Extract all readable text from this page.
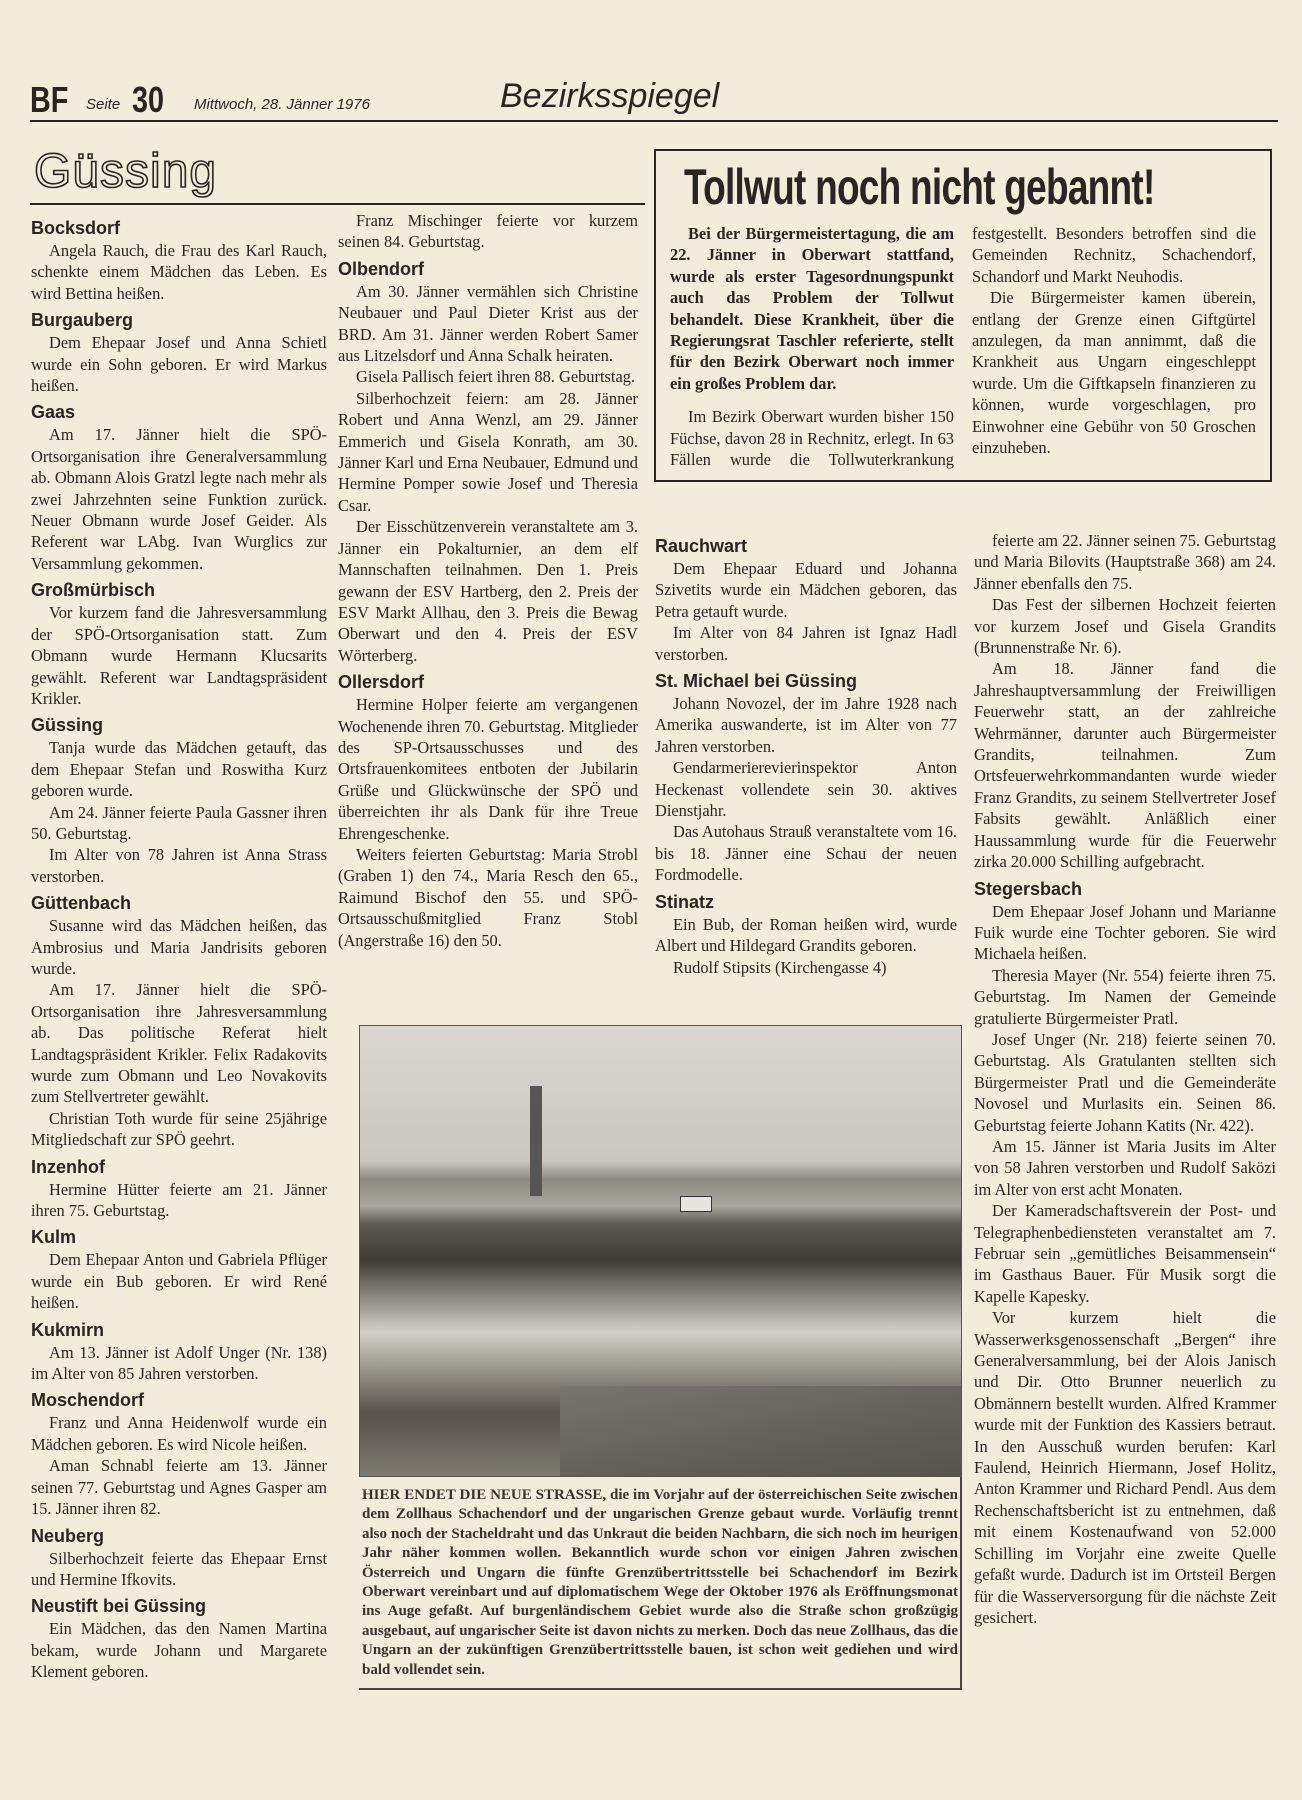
BF Seite 30 Mittwoch, 28. Jänner 1976	Bezirksspiegel
Güssing	Tollwut noch nicht gebannt!

Bei der Bürgermeistertagung, die am 22. Jänner in Oberwart stattfand, wurde als erster Tagesordnungspunkt auch das Problem der Tollwut behandelt. Diese Krankheit, über die Regierungsrat Taschler referierte, stellt für den Bezirk Oberwart noch immer ein großes Problem dar.

Im Bezirk Oberwart wurden bisher 150 Füchse, davon 28 in Rechnitz, erlegt. In 63 Fällen wurde die Tollwuterkrankung festgestellt. Besonders betroffen sind die Gemeinden Rechnitz, Schachendorf, Schandorf und Markt Neuhodis.

Die Bürgermeister kamen überein, entlang der Grenze einen Giftgürtel anzulegen, da man annimmt, daß die Krankheit aus Ungarn eingeschleppt wurde. Um die Giftkapseln finanzieren zu können, wurde vorgeschlagen, pro Einwohner eine Gebühr von 50 Groschen einzuheben.

Bocksdorf

Angela Rauch, die Frau des Karl Rauch, schenkte einem Mädchen das Leben. Es wird Bettina heißen.

Burgauberg

Dem Ehepaar Josef und Anna Schietl wurde ein Sohn geboren. Er wird Markus heißen.

Gaas

Am 17. Jänner hielt die SPÖ-Ortsorganisation ihre Generalversammlung ab. Obmann Alois Gratzl legte nach mehr als zwei Jahrzehnten seine Funktion zurück. Neuer Obmann wurde Josef Geider. Als Referent war LAbg. Ivan Wurglics zur Versammlung gekommen.

Großmürbisch

Vor kurzem fand die Jahresversammlung der SPÖ-Ortsorganisation statt. Zum Obmann wurde Hermann Klucsarits gewählt. Referent war Landtagspräsident Krikler.

Güssing

Tanja wurde das Mädchen getauft, das dem Ehepaar Stefan und Roswitha Kurz geboren wurde.

Am 24. Jänner feierte Paula Gassner ihren 50. Geburtstag.

Im Alter von 78 Jahren ist Anna Strass verstorben.

Güttenbach

Susanne wird das Mädchen heißen, das Ambrosius und Maria Jandrisits geboren wurde.

Am 17. Jänner hielt die SPÖ-Ortsorganisation ihre Jahresversammlung ab. Das politische Referat hielt Landtagspräsident Krikler. Felix Radakovits wurde zum Obmann und Leo Novakovits zum Stellvertreter gewählt.

Christian Toth wurde für seine 25jährige Mitgliedschaft zur SPÖ geehrt.

Inzenhof

Hermine Hütter feierte am 21. Jänner ihren 75. Geburtstag.

Kulm

Dem Ehepaar Anton und Gabriela Pflüger wurde ein Bub geboren. Er wird René heißen.

Kukmirn

Am 13. Jänner ist Adolf Unger (Nr. 138) im Alter von 85 Jahren verstorben.

Moschendorf

Franz und Anna Heidenwolf wurde ein Mädchen geboren. Es wird Nicole heißen.

Aman Schnabl feierte am 13. Jänner seinen 77. Geburtstag und Agnes Gasper am 15. Jänner ihren 82.

Neuberg

Silberhochzeit feierte das Ehepaar Ernst und Hermine Ifkovits.

Neustift bei Güssing

Ein Mädchen, das den Namen Martina bekam, wurde Johann und Margarete Klement geboren.

Franz Mischinger feierte vor kurzem seinen 84. Geburtstag.

Olbendorf

Am 30. Jänner vermählen sich Christine Neubauer und Paul Dieter Krist aus der BRD. Am 31. Jänner werden Robert Samer aus Litzelsdorf und Anna Schalk heiraten.

Gisela Pallisch feiert ihren 88. Geburtstag.

Silberhochzeit feiern: am 28. Jänner Robert und Anna Wenzl, am 29. Jänner Emmerich und Gisela Konrath, am 30. Jänner Karl und Erna Neubauer, Edmund und Hermine Pomper sowie Josef und Theresia Csar.

Der Eisschützenverein veranstaltete am 3. Jänner ein Pokalturnier, an dem elf Mannschaften teilnahmen. Den 1. Preis gewann der ESV Hartberg, den 2. Preis der ESV Markt Allhau, den 3. Preis die Bewag Oberwart und den 4. Preis der ESV Wörterberg.

Ollersdorf

Hermine Holper feierte am vergangenen Wochenende ihren 70. Geburtstag. Mitglieder des SP-Ortsausschusses und des Ortsfrauenkomitees entboten der Jubilarin Grüße und Glückwünsche der SPÖ und überreichten ihr als Dank für ihre Treue Ehrengeschenke.

Weiters feierten Geburtstag: Maria Strobl (Graben 1) den 74., Maria Resch den 65., Raimund Bischof den 55. und SPÖ-Ortsausschußmitglied Franz Stobl (Angerstraße 16) den 50.

Rauchwart

Dem Ehepaar Eduard und Johanna Szivetits wurde ein Mädchen geboren, das Petra getauft wurde.

Im Alter von 84 Jahren ist Ignaz Hadl verstorben.

St. Michael bei Güssing

Johann Novozel, der im Jahre 1928 nach Amerika auswanderte, ist im Alter von 77 Jahren verstorben.

Gendarmerierevierinspektor Anton Heckenast vollendete sein 30. aktives Dienstjahr.

Das Autohaus Strauß veranstaltete vom 16. bis 18. Jänner eine Schau der neuen Fordmodelle.

Stinatz

Ein Bub, der Roman heißen wird, wurde Albert und Hildegard Grandits geboren.

Rudolf Stipsits (Kirchengasse 4)

feierte am 22. Jänner seinen 75. Geburtstag und Maria Bilovits (Hauptstraße 368) am 24. Jänner ebenfalls den 75.

Das Fest der silbernen Hochzeit feierten vor kurzem Josef und Gisela Grandits (Brunnenstraße Nr. 6).

Am 18. Jänner fand die Jahreshauptversammlung der Freiwilligen Feuerwehr statt, an der zahlreiche Wehrmänner, darunter auch Bürgermeister Grandits, teilnahmen. Zum Ortsfeuerwehrkommandanten wurde wieder Franz Grandits, zu seinem Stellvertreter Josef Fabsits gewählt. Anläßlich einer Haussammlung wurde für die Feuerwehr zirka 20.000 Schilling aufgebracht.

Stegersbach

Dem Ehepaar Josef Johann und Marianne Fuik wurde eine Tochter geboren. Sie wird Michaela heißen.

Theresia Mayer (Nr. 554) feierte ihren 75. Geburtstag. Im Namen der Gemeinde gratulierte Bürgermeister Pratl.

Josef Unger (Nr. 218) feierte seinen 70. Geburtstag. Als Gratulanten stellten sich Bürgermeister Pratl und die Gemeinderäte Novosel und Murlasits ein. Seinen 86. Geburtstag feierte Johann Katits (Nr. 422).

Am 15. Jänner ist Maria Jusits im Alter von 58 Jahren verstorben und Rudolf Saközi im Alter von erst acht Monaten.

Der Kameradschaftsverein der Post- und Telegraphenbediensteten veranstaltet am 7. Februar sein „gemütliches Beisammensein“ im Gasthaus Bauer. Für Musik sorgt die Kapelle Kapesky.

Vor kurzem hielt die Wasserwerksgenossenschaft „Bergen“ ihre Generalversammlung, bei der Alois Janisch und Dir. Otto Brunner neuerlich zu Obmännern bestellt wurden. Alfred Krammer wurde mit der Funktion des Kassiers betraut. In den Ausschuß wurden berufen: Karl Faulend, Heinrich Hiermann, Josef Holitz, Anton Krammer und Richard Pendl. Aus dem Rechenschaftsbericht ist zu entnehmen, daß mit einem Kostenaufwand von 52.000 Schilling im Vorjahr eine zweite Quelle gefaßt wurde. Dadurch ist im Ortsteil Bergen für die Wasserversorgung für die nächste Zeit gesichert.

HIER ENDET DIE NEUE STRASSE, die im Vorjahr auf der österreichischen Seite zwischen dem Zollhaus Schachendorf und der ungarischen Grenze gebaut wurde. Vorläufig trennt also noch der Stacheldraht und das Unkraut die beiden Nachbarn, die sich noch im heurigen Jahr näher kommen wollen. Bekanntlich wurde schon vor einigen Jahren zwischen Österreich und Ungarn die fünfte Grenzübertrittsstelle bei Schachendorf im Bezirk Oberwart vereinbart und auf diplomatischem Wege der Oktober 1976 als Eröffnungsmonat ins Auge gefaßt. Auf burgenländischem Gebiet wurde also die Straße schon großzügig ausgebaut, auf ungarischer Seite ist davon nichts zu merken. Doch das neue Zollhaus, das die Ungarn an der zukünftigen Grenzübertrittsstelle bauen, ist schon weit gediehen und wird bald vollendet sein.
